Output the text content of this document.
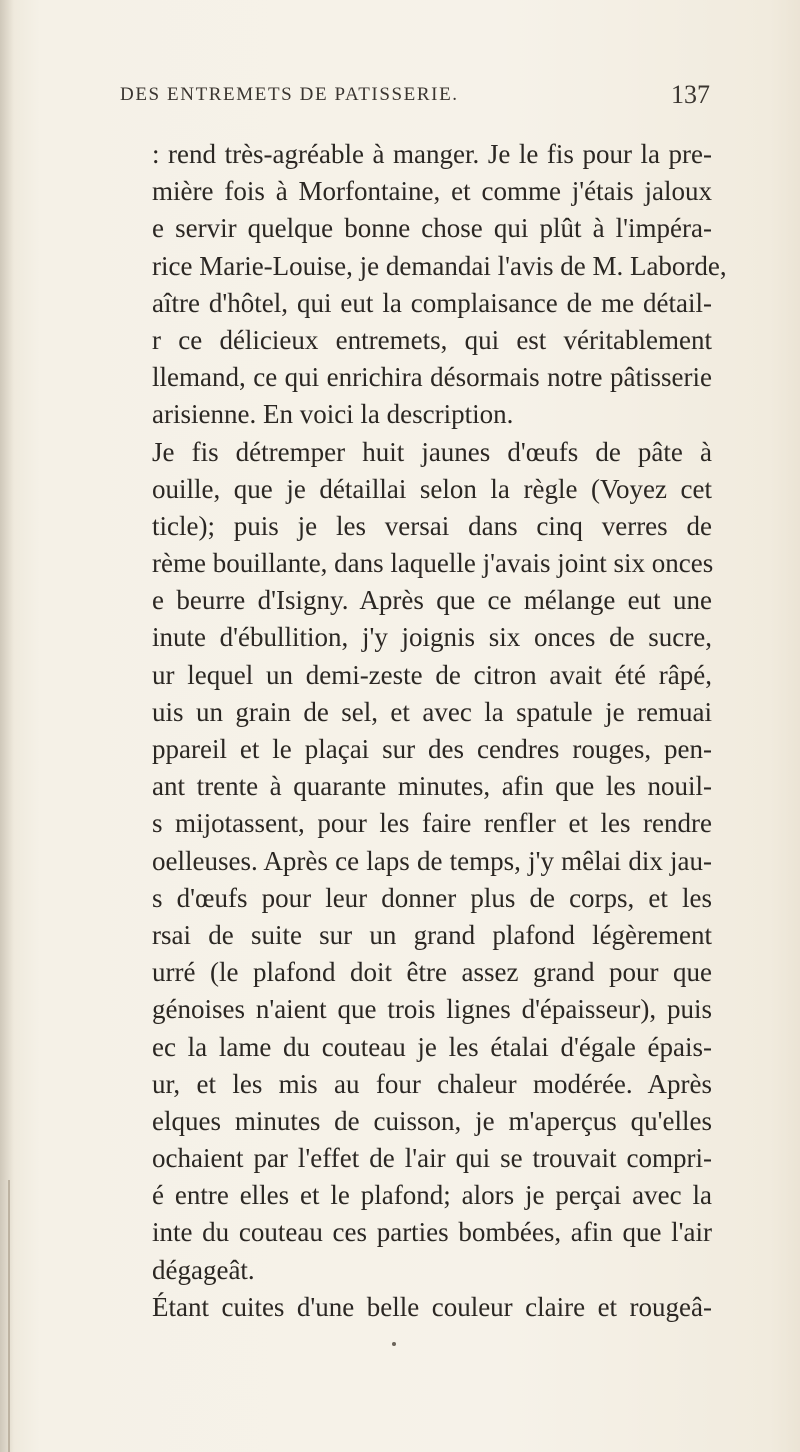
DES ENTREMETS DE PATISSERIE.	137
: rend très-agréable à manger. Je le fis pour la pre-
mière fois à Morfontaine, et comme j'étais jaloux
e servir quelque bonne chose qui plût à l'impéra-
rice Marie-Louise, je demandai l'avis de M. Laborde,
aître d'hôtel, qui eut la complaisance de me détail-
r ce délicieux entremets, qui est véritablement
llemand, ce qui enrichira désormais notre pâtisserie
arisienne. En voici la description.
Je fis détremper huit jaunes d'œufs de pâte à
ouille, que je détaillai selon la règle (Voyez cet
ticle); puis je les versai dans cinq verres de
rème bouillante, dans laquelle j'avais joint six onces
e beurre d'Isigny. Après que ce mélange eut une
inute d'ébullition, j'y joignis six onces de sucre,
ur lequel un demi-zeste de citron avait été râpé,
uis un grain de sel, et avec la spatule je remuai
ppareil et le plaçai sur des cendres rouges, pen-
ant trente à quarante minutes, afin que les nouil-
s mijotassent, pour les faire renfler et les rendre
oelleuses. Après ce laps de temps, j'y mêlai dix jau-
s d'œufs pour leur donner plus de corps, et les
rsai de suite sur un grand plafond légèrement
urré (le plafond doit être assez grand pour que
génoises n'aient que trois lignes d'épaisseur), puis
ec la lame du couteau je les étalai d'égale épais-
ur, et les mis au four chaleur modérée. Après
elques minutes de cuisson, je m'aperçus qu'elles
ochaient par l'effet de l'air qui se trouvait compri-
é entre elles et le plafond; alors je perçai avec la
inte du couteau ces parties bombées, afin que l'air
dégageât.
Étant cuites d'une belle couleur claire et rougeâ-
